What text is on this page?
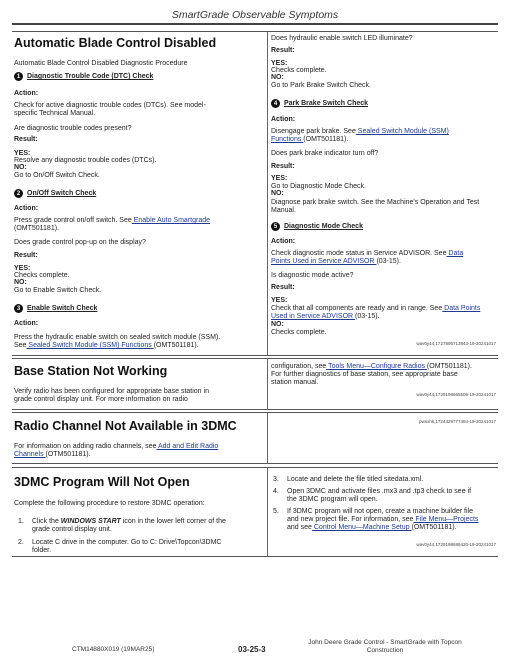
SmartGrade Observable Symptoms
Automatic Blade Control Disabled
Automatic Blade Control Disabled Diagnostic Procedure
1 Diagnostic Trouble Code (DTC) Check
Action:
Check for active diagnostic trouble codes (DTCs). See model-
specific Technical Manual.
Are diagnostic trouble codes present?
Result:
YES:
Resolve any diagnostic trouble codes (DTCs).
NO:
Go to On/Off Switch Check.
2 On/Off Switch Check
Action:
Press grade control on/off switch. See Enable Auto Smartgrade
(OMT501181).
Does grade control pop-up on the display?
Result:
YES:
Checks complete.
NO:
Go to Enable Switch Check.
3 Enable Switch Check
Action:
Press the hydraulic enable switch on sealed switch module (SSM).
See Sealed Switch Module (SSM) Functions (OMT501181).
Does hydraulic enable switch LED illuminate?
Result:
YES:
Checks complete.
NO:
Go to Park Brake Switch Check.
4 Park Brake Switch Check
Action:
Disengage park brake. See Sealed Switch Module (SSM)
Functions (OMT501181).
Does park brake indicator turn off?
Result:
YES:
Go to Diagnostic Mode Check.
NO:
Diagnose park brake switch. See the Machine's Operation and Test
Manual.
5 Diagnostic Mode Check
Action:
Check diagnostic mode status in Service ADVISOR. See Data
Points Used in Service ADVISOR (03-15).
Is diagnostic mode active?
Result:
YES:
Check that all components are ready and in range. See Data Points
Used in Service ADVISOR (03-15).
NO:
Checks complete.
wav0y44,1727895713943-19-20241017
Base Station Not Working
Verify radio has been configured for appropriate base station in
grade control display unit. For more information on radio
configuration, see Tools Menu—Configure Radios (OMT501181).
For further diagnostics of base station, see appropriate base
station manual.
wav0y44,1729198665506-19-20241017
Radio Channel Not Available in 3DMC
For information on adding radio channels, see Add and Edit Radio
Channels (OTM501181).
pwsxhk,1724329777484-19-20241017
3DMC Program Will Not Open
Complete the following procedure to restore 3DMC operation:
1. Click the WINDOWS START icon in the lower left corner of the
grade control display unit.
2. Locate C drive in the computer. Go to C: Drive\Topcon\3DMC
folder.
3. Locate and delete the file titled sitedata.xml.
4. Open 3DMC and activate files .mx3 and .tp3 check to see if
the 3DMC program will open.
5. If 3DMC program will not open, create a machine builder file
and new project file. For information, see File Menu—Projects
and see Control Menu—Machine Setup (OMT501181).
wav0y44,1729198686420-19-20241017
CTM14880X019 (19MAR25)	03-25-3
John Deere Grade Control - SmartGrade with Topcon
Construction
